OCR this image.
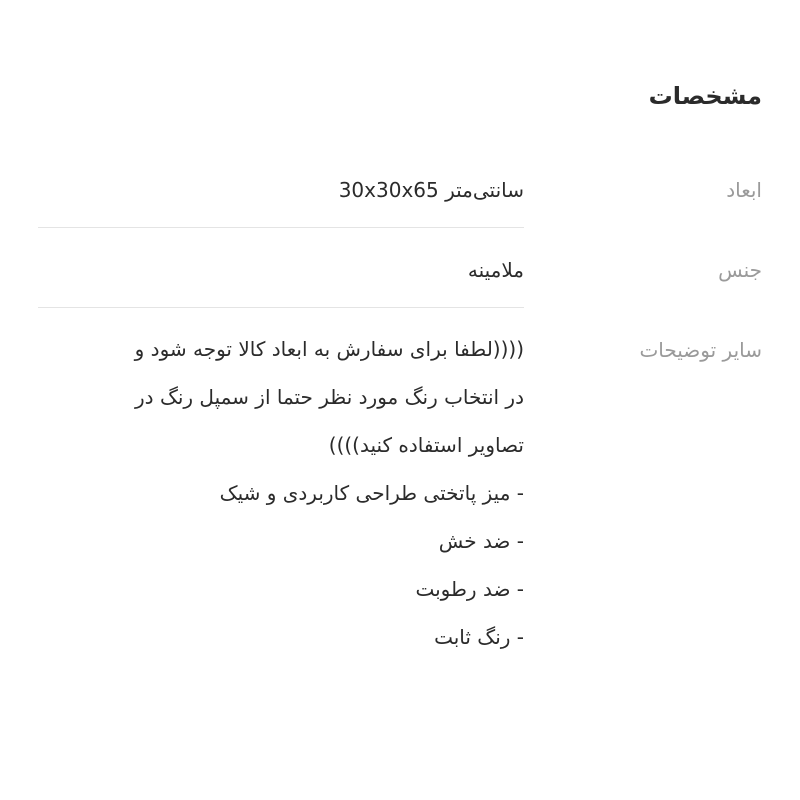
مشخصات
ابعاد
سانتی‌متر 30x30x65
جنس
ملامینه
سایر توضیحات
((((لطفا برای سفارش به ابعاد کالا توجه شود و
در انتخاب رنگ مورد نظر حتما از سمپل رنگ در
تصاویر استفاده کنید))))
- میز پاتختی طراحی کاربردی و شیک
- ضد خش
- ضد رطوبت
- رنگ ثابت
